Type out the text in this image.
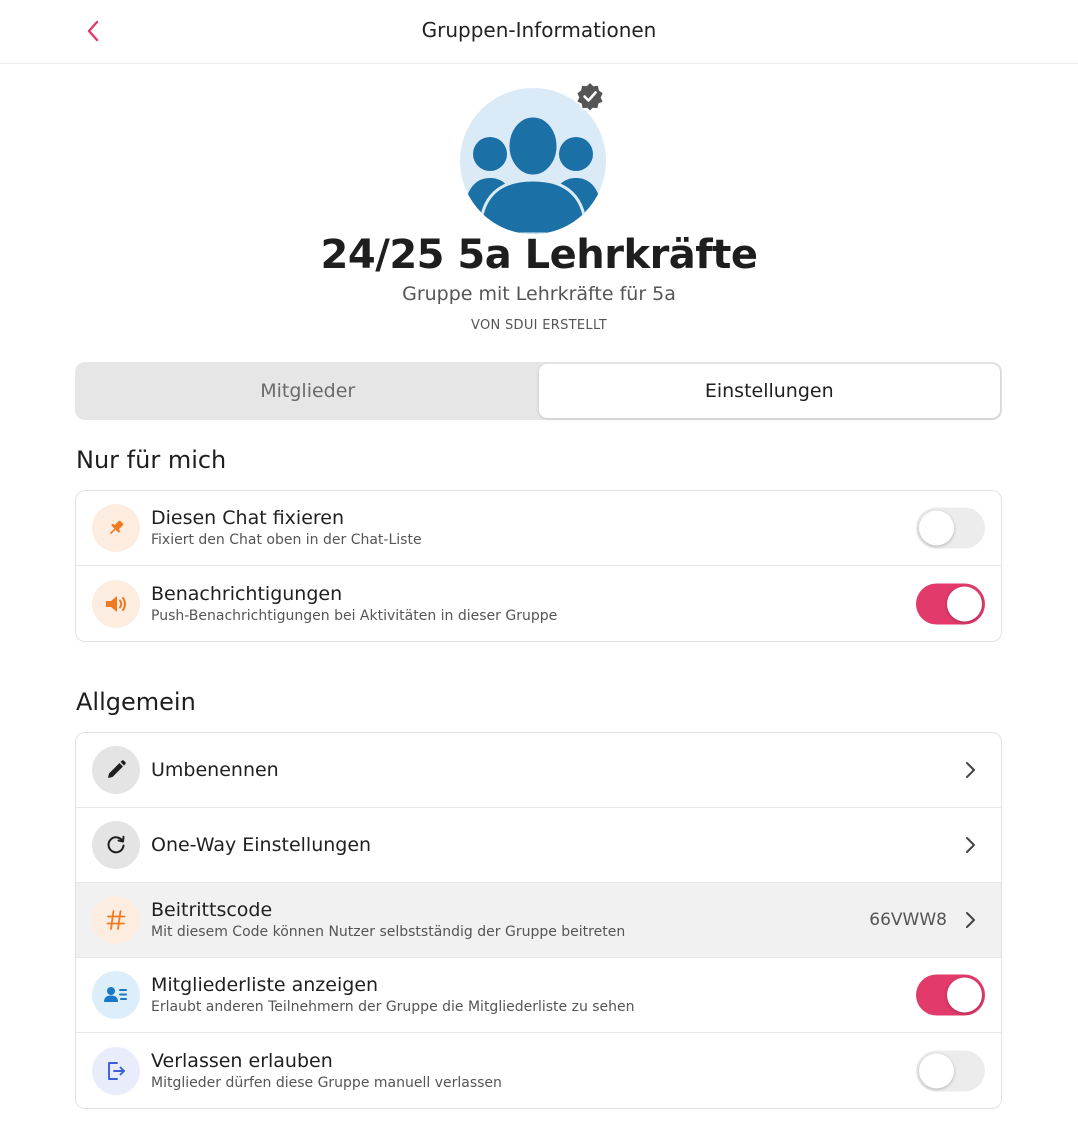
Gruppen-Informationen
24/25 5a Lehrkräfte
Gruppe mit Lehrkräfte für 5a
VON SDUI ERSTELLT
Mitglieder	Einstellungen
Nur für mich
Diesen Chat fixieren
Fixiert den Chat oben in der Chat-Liste
Benachrichtigungen
Push-Benachrichtigungen bei Aktivitäten in dieser Gruppe
Allgemein
Umbenennen
One-Way Einstellungen
Beitrittscode
Mit diesem Code können Nutzer selbstständig der Gruppe beitreten
66VWW8
Mitgliederliste anzeigen
Erlaubt anderen Teilnehmern der Gruppe die Mitgliederliste zu sehen
Verlassen erlauben
Mitglieder dürfen diese Gruppe manuell verlassen
